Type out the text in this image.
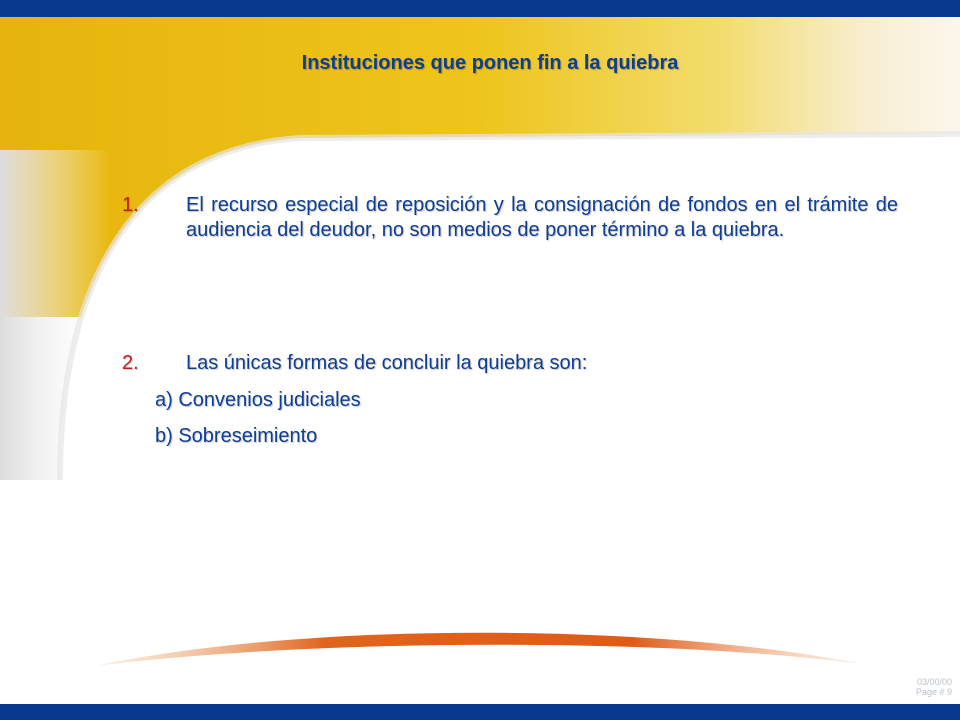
Instituciones que ponen fin a la quiebra
1. El recurso especial de reposición y la consignación de fondos en el trámite de audiencia del deudor, no son medios de poner término a la quiebra.
2. Las únicas formas de concluir la quiebra son:
a) Convenios judiciales
b) Sobreseimiento
03/00/00
Page # 9
